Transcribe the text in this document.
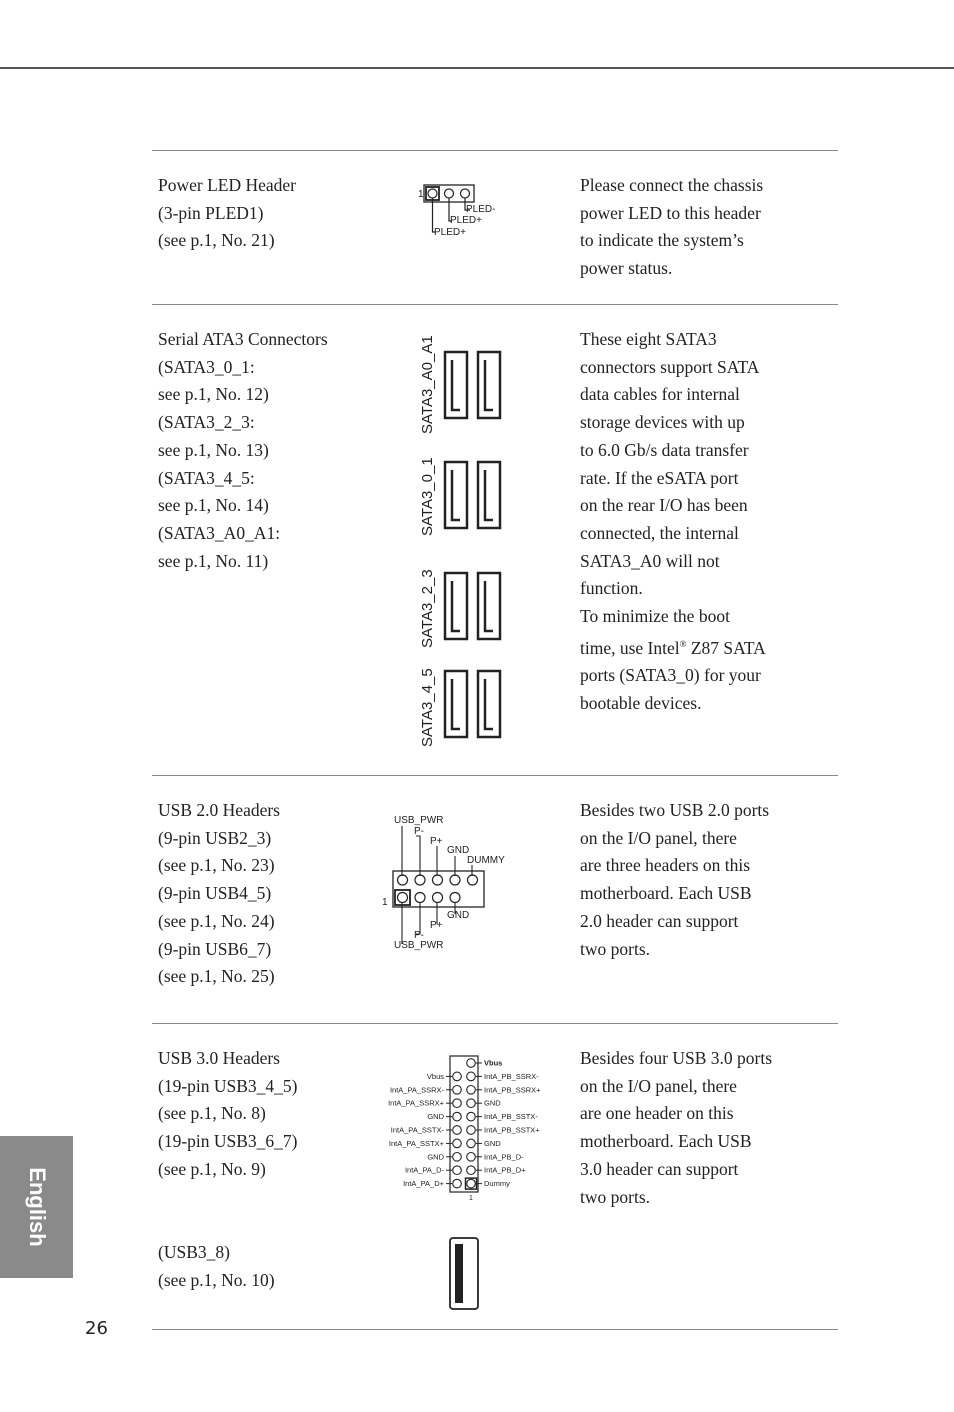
Power LED Header
(3-pin PLED1)
(see p.1, No. 21)
1
PLED-
PLED+
PLED+
Please connect the chassis
power LED to this header
to indicate the system’s
power status.
Serial ATA3 Connectors
(SATA3_0_1:
see p.1, No. 12)
(SATA3_2_3:
see p.1, No. 13)
(SATA3_4_5:
see p.1, No. 14)
(SATA3_A0_A1:
see p.1, No. 11)
SATA3_A0_A1
SATA3_0_1
SATA3_2_3
SATA3_4_5
These eight SATA3
connectors support SATA
data cables for internal
storage devices with up
to 6.0 Gb/s data transfer
rate. If the eSATA port
on the rear I/O has been
connected, the internal
SATA3_A0 will not
function.
To minimize the boot
time, use Intel® Z87 SATA
ports (SATA3_0) for your
bootable devices.
USB 2.0 Headers
(9-pin USB2_3)
(see p.1, No. 23)
(9-pin USB4_5)
(see p.1, No. 24)
(9-pin USB6_7)
(see p.1, No. 25)
USB_PWR
P-
P+
GND
DUMMY
1
GND
P+
P-
USB_PWR
Besides two USB 2.0 ports
on the I/O panel, there
are three headers on this
motherboard. Each USB
2.0 header can support
two ports.
USB 3.0 Headers
(19-pin USB3_4_5)
(see p.1, No. 8)
(19-pin USB3_6_7)
(see p.1, No. 9)
Vbus
IntA_PB_SSRX-
IntA_PB_SSRX+
GND
IntA_PB_SSTX-
IntA_PB_SSTX+
GND
IntA_PB_D-
IntA_PB_D+
Dummy
Vbus
IntA_PA_SSRX-
IntA_PA_SSRX+
GND
IntA_PA_SSTX-
IntA_PA_SSTX+
GND
IntA_PA_D-
IntA_PA_D+
1
Besides four USB 3.0 ports
on the I/O panel, there
are one header on this
motherboard. Each USB
3.0 header can support
two ports.
(USB3_8)
(see p.1, No. 10)
English
26
